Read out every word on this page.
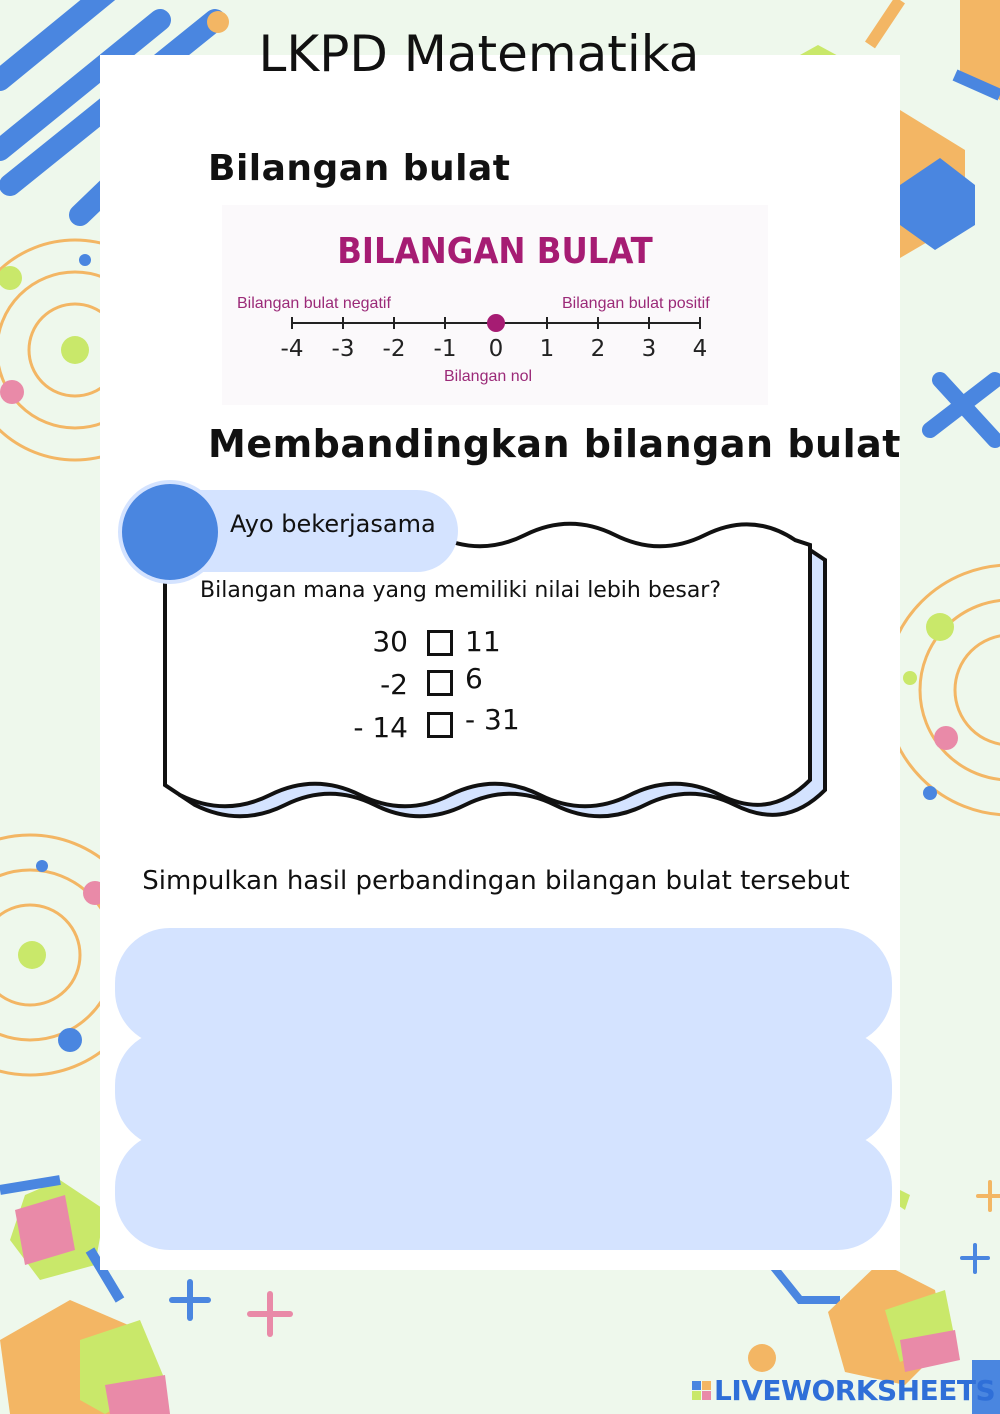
LKPD Matematika
Bilangan bulat
BILANGAN BULAT
Bilangan bulat negatif	Bilangan bulat positif
Bilangan nol
-4 -3 -2 -1 0 1 2 3 4
Membandingkan bilangan bulat
Ayo bekerjasama
Bilangan mana yang memiliki nilai lebih besar?
30 11
-2 6
- 14 - 31
Simpulkan hasil perbandingan bilangan bulat tersebut
LIVEWORKSHEETS
